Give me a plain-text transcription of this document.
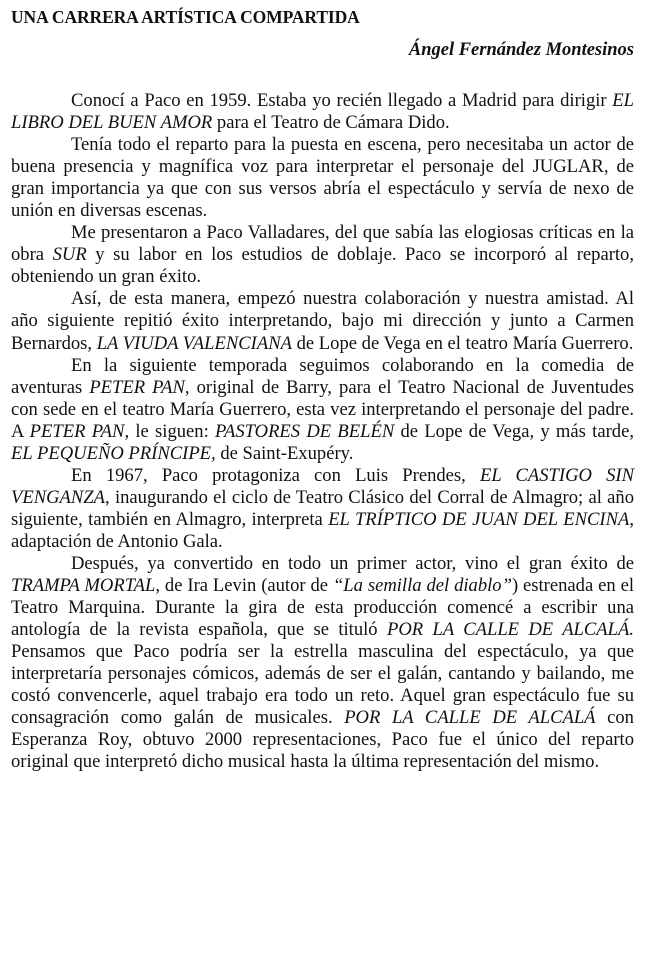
UNA CARRERA ARTÍSTICA COMPARTIDA

Ángel Fernández Montesinos

Conocí a Paco en 1959. Estaba yo recién llegado a Madrid para dirigir EL LIBRO DEL BUEN AMOR para el Teatro de Cámara Dido.

Tenía todo el reparto para la puesta en escena, pero necesitaba un actor de buena presencia y magnífica voz para interpretar el personaje del JUGLAR, de gran importancia ya que con sus versos abría el espectáculo y servía de nexo de unión en diversas escenas.

Me presentaron a Paco Valladares, del que sabía las elogiosas críticas en la obra SUR y su labor en los estudios de doblaje. Paco se incorporó al reparto, obteniendo un gran éxito.

Así, de esta manera, empezó nuestra colaboración y nuestra amistad. Al año siguiente repitió éxito interpretando, bajo mi dirección y junto a Carmen Bernardos, LA VIUDA VALENCIANA de Lope de Vega en el teatro María Guerrero.

En la siguiente temporada seguimos colaborando en la comedia de aventuras PETER PAN, original de Barry, para el Teatro Nacional de Juventudes con sede en el teatro María Guerrero, esta vez interpretando el personaje del padre. A PETER PAN, le siguen: PASTORES DE BELÉN de Lope de Vega, y más tarde, EL PEQUEÑO PRÍNCIPE, de Saint-Exupéry.

En 1967, Paco protagoniza con Luis Prendes, EL CASTIGO SIN VENGANZA, inaugurando el ciclo de Teatro Clásico del Corral de Almagro; al año siguiente, también en Almagro, interpreta EL TRÍPTICO DE JUAN DEL ENCINA, adaptación de Antonio Gala.

Después, ya convertido en todo un primer actor, vino el gran éxito de TRAMPA MORTAL, de Ira Levin (autor de “La semilla del diablo”) estrenada en el Teatro Marquina. Durante la gira de esta producción comencé a escribir una antología de la revista española, que se tituló POR LA CALLE DE ALCALÁ. Pensamos que Paco podría ser la estrella masculina del espectáculo, ya que interpretaría personajes cómicos, además de ser el galán, cantando y bailando, me costó convencerle, aquel trabajo era todo un reto. Aquel gran espectáculo fue su consagración como galán de musicales. POR LA CALLE DE ALCALÁ con Esperanza Roy, obtuvo 2000 representaciones, Paco fue el único del reparto original que interpretó dicho musical hasta la última representación del mismo.
